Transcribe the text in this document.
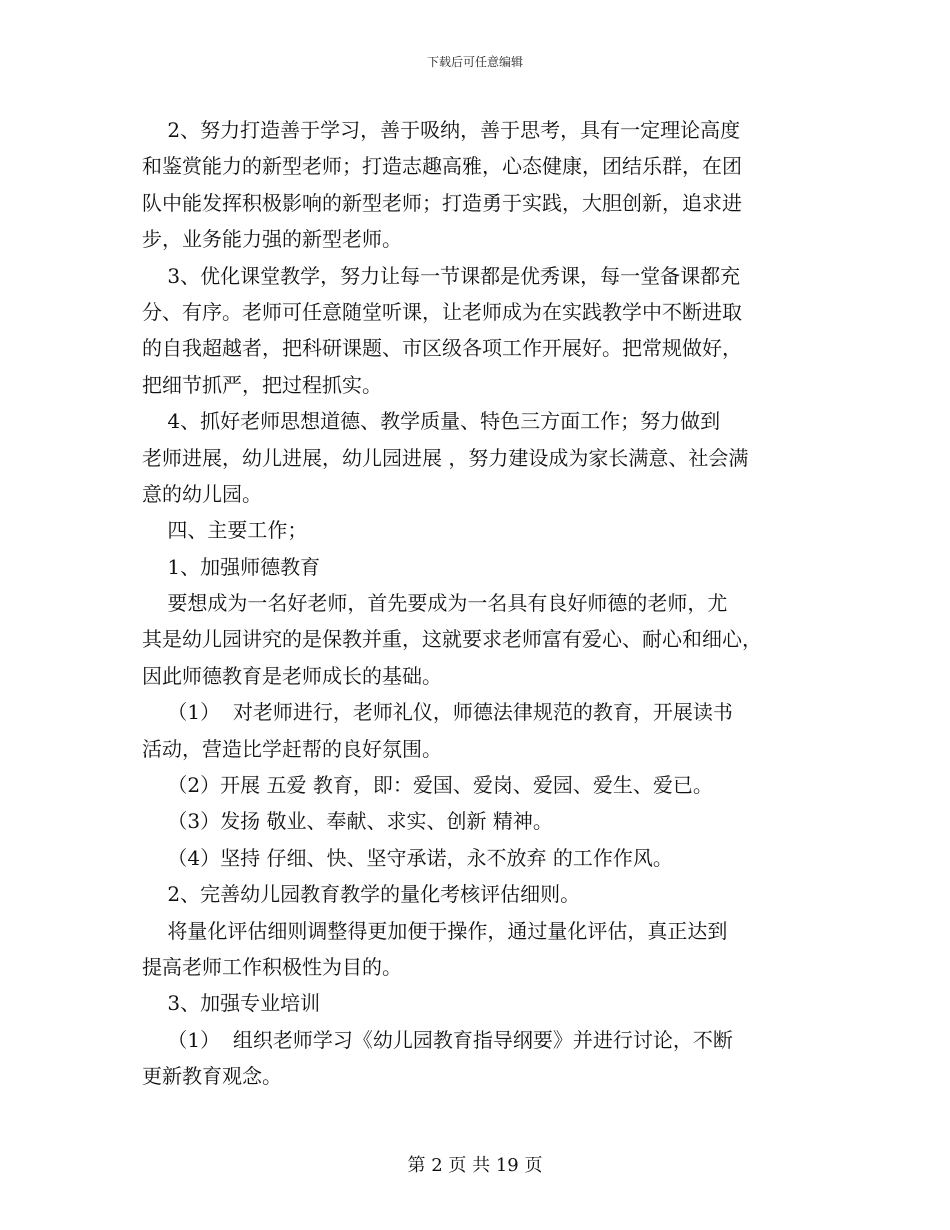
下载后可任意编辑
2、努力打造善于学习，善于吸纳，善于思考，具有一定理论高度
和鉴赏能力的新型老师；打造志趣高雅，心态健康，团结乐群，在团
队中能发挥积极影响的新型老师；打造勇于实践，大胆创新，追求进
步，业务能力强的新型老师。
3、优化课堂教学，努力让每一节课都是优秀课，每一堂备课都充
分、有序。老师可任意随堂听课，让老师成为在实践教学中不断进取
的自我超越者，把科研课题、市区级各项工作开展好。把常规做好，
把细节抓严，把过程抓实。
4、抓好老师思想道德、教学质量、特色三方面工作；努力做到
老师进展，幼儿进展，幼儿园进展 ，努力建设成为家长满意、社会满
意的幼儿园。
四、主要工作；
1、加强师德教育
要想成为一名好老师，首先要成为一名具有良好师德的老师，尤
其是幼儿园讲究的是保教并重，这就要求老师富有爱心、耐心和细心，
因此师德教育是老师成长的基础。
（1）  对老师进行，老师礼仪，师德法律规范的教育，开展读书
活动，营造比学赶帮的良好氛围。
（2）开展 五爱 教育，即：爱国、爱岗、爱园、爱生、爱已。
（3）发扬 敬业、奉献、求实、创新 精神。
（4）坚持 仔细、快、坚守承诺，永不放弃 的工作作风。
2、完善幼儿园教育教学的量化考核评估细则。
将量化评估细则调整得更加便于操作，通过量化评估，真正达到
提高老师工作积极性为目的。
3、加强专业培训
（1）  组织老师学习《幼儿园教育指导纲要》并进行讨论，不断
更新教育观念。
第 2 页 共 19 页
